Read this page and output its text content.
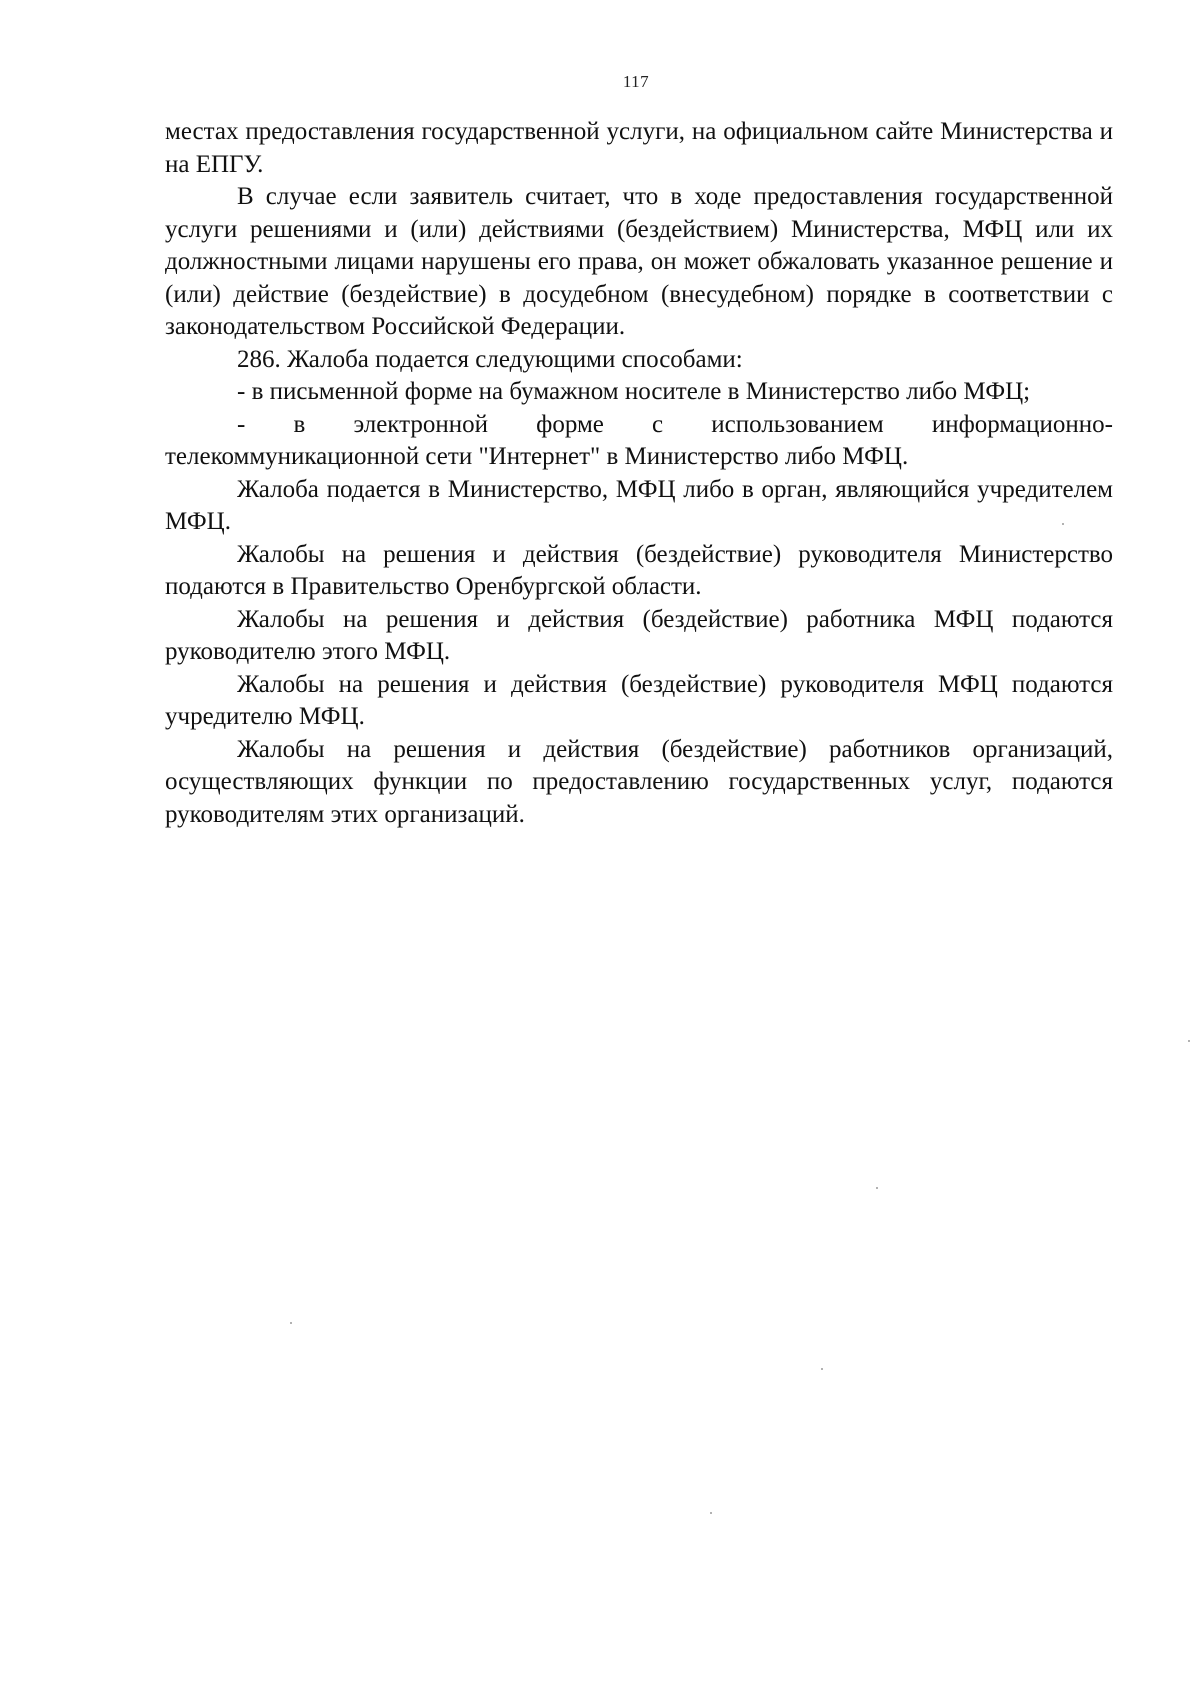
117

местах предоставления государственной услуги, на официальном сайте Министерства и на ЕПГУ.

В случае если заявитель считает, что в ходе предоставления государственной услуги решениями и (или) действиями (бездействием) Министерства, МФЦ или их должностными лицами нарушены его права, он может обжаловать указанное решение и (или) действие (бездействие) в досудебном (внесудебном) порядке в соответствии с законодательством Российской Федерации.

286. Жалоба подается следующими способами:

- в письменной форме на бумажном носителе в Министерство либо МФЦ;

- в электронной форме с использованием информационно-телекоммуникационной сети "Интернет" в Министерство либо МФЦ.

Жалоба подается в Министерство, МФЦ либо в орган, являющийся учредителем МФЦ.

Жалобы на решения и действия (бездействие) руководителя Министерство подаются в Правительство Оренбургской области.

Жалобы на решения и действия (бездействие) работника МФЦ подаются руководителю этого МФЦ.

Жалобы на решения и действия (бездействие) руководителя МФЦ подаются учредителю МФЦ.

Жалобы на решения и действия (бездействие) работников организаций, осуществляющих функции по предоставлению государственных услуг, подаются руководителям этих организаций.
